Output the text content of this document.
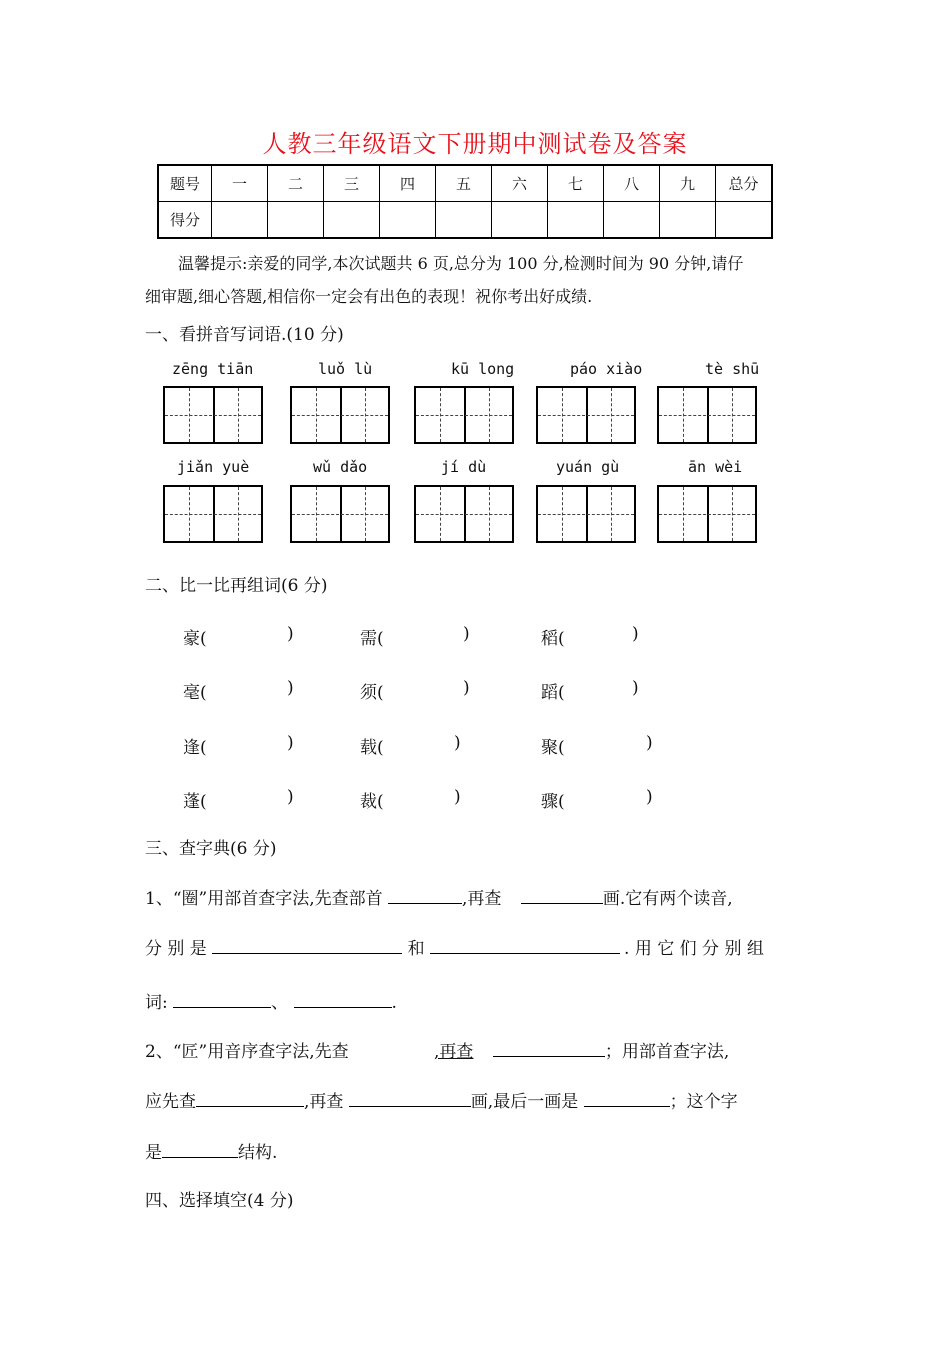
人教三年级语文下册期中测试卷及答案
题号	一	二	三	四	五	六	七	八	九	总分
得分										
温馨提示:亲爱的同学,本次试题共 6 页,总分为 100 分,检测时间为 90 分钟,请仔
细审题,细心答题,相信你一定会有出色的表现！祝你考出好成绩.
一、看拼音写词语.(10 分)
zēng tiān	luǒ lù	kū long	páo xiào	tè shū
jiǎn yuè	wǔ dǎo	jí dù	yuán gù	ān wèi
二、比一比再组词(6 分)
豪(	)	需(	)	稻(	)
毫(	)	须(	)	蹈(	)
逢(	)	载(	)	聚(	)
蓬(	)	裁(	)	骤(	)
三、查字典(6 分)
1、“圈”用部首查字法,先查部首	,再查	画.它有两个读音,
分 别 是	和	. 用 它 们 分 别 组
词:	、	.
2、“匠”用音序查字法,先查	,再查	；用部首查字法,
应先查	,再查	画,最后一画是	；这个字
是	结构.
四、选择填空(4 分)
